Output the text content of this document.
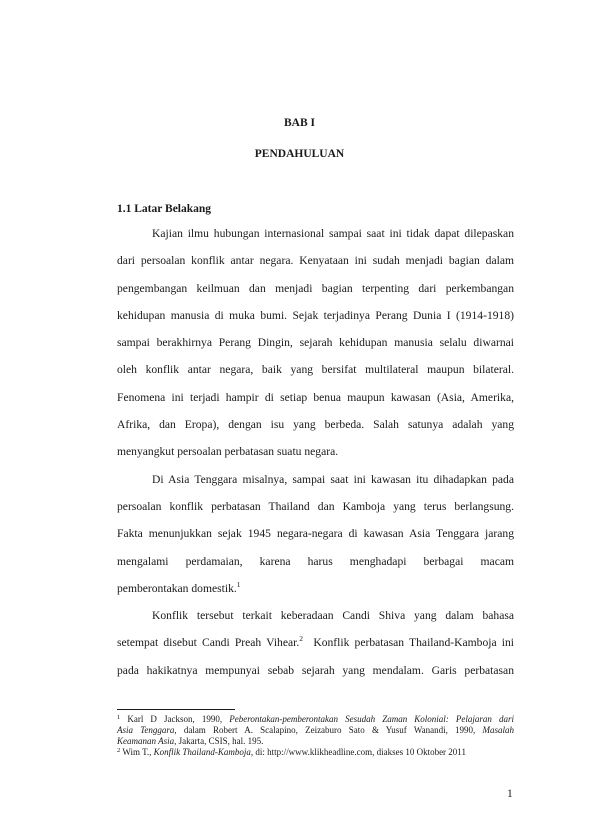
BAB I
PENDAHULUAN
1.1 Latar Belakang
Kajian ilmu hubungan internasional sampai saat ini tidak dapat dilepaskan
dari persoalan konflik antar negara. Kenyataan ini sudah menjadi bagian dalam
pengembangan keilmuan dan menjadi bagian terpenting dari perkembangan
kehidupan manusia di muka bumi. Sejak terjadinya Perang Dunia I (1914-1918)
sampai berakhirnya Perang Dingin, sejarah kehidupan manusia selalu diwarnai
oleh konflik antar negara, baik yang bersifat multilateral maupun bilateral.
Fenomena ini terjadi hampir di setiap benua maupun kawasan (Asia, Amerika,
Afrika, dan Eropa), dengan isu yang berbeda. Salah satunya adalah yang
menyangkut persoalan perbatasan suatu negara.
Di Asia Tenggara misalnya, sampai saat ini kawasan itu dihadapkan pada
persoalan konflik perbatasan Thailand dan Kamboja yang terus berlangsung.
Fakta menunjukkan sejak 1945 negara-negara di kawasan Asia Tenggara jarang
mengalami perdamaian, karena harus menghadapi berbagai macam
pemberontakan domestik.$^1$
Konflik tersebut terkait keberadaan Candi Shiva yang dalam bahasa
setempat disebut Candi Preah Vihear.$^2$  Konflik perbatasan Thailand-Kamboja ini
pada hakikatnya mempunyai sebab sejarah yang mendalam. Garis perbatasan
$^1$ Karl D Jackson, 1990, Peberontakan-pemberontakan Sesudah Zaman Kolonial: Pelajaran dari
Asia Tenggara, dalam Robert A. Scalapino, Zeizaburo Sato & Yusuf Wanandi, 1990, Masalah
Keamanan Asia, Jakarta, CSIS, hal. 195.
$^2$ Wim T., Konflik Thailand-Kamboja, di: http://www.klikheadline.com, diakses 10 Oktober 2011
1
